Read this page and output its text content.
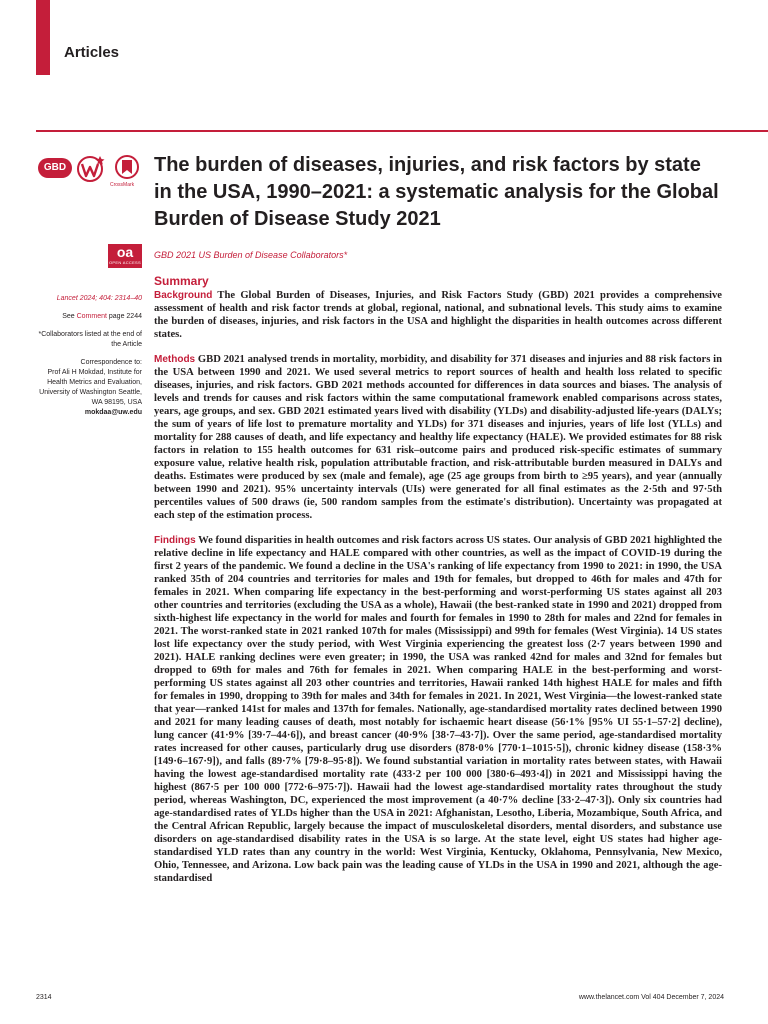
Articles
GBD
CrossMark
The burden of diseases, injuries, and risk factors by state in the USA, 1990–2021: a systematic analysis for the Global Burden of Disease Study 2021
oa
OPEN ACCESS
GBD 2021 US Burden of Disease Collaborators*
Lancet 2024; 404: 2314–40
See Comment page 2244
*Collaborators listed at the end of the Article
Correspondence to:
Prof Ali H Mokdad, Institute for Health Metrics and Evaluation, University of Washington Seattle, WA 98195, USA
mokdaa@uw.edu
Summary

Background The Global Burden of Diseases, Injuries, and Risk Factors Study (GBD) 2021 provides a comprehensive assessment of health and risk factor trends at global, regional, national, and subnational levels. This study aims to examine the burden of diseases, injuries, and risk factors in the USA and highlight the disparities in health outcomes across different states.

Methods GBD 2021 analysed trends in mortality, morbidity, and disability for 371 diseases and injuries and 88 risk factors in the USA between 1990 and 2021. We used several metrics to report sources of health and health loss related to specific diseases, injuries, and risk factors. GBD 2021 methods accounted for differences in data sources and biases. The analysis of levels and trends for causes and risk factors within the same computational framework enabled comparisons across states, years, age groups, and sex. GBD 2021 estimated years lived with disability (YLDs) and disability-adjusted life-years (DALYs; the sum of years of life lost to premature mortality and YLDs) for 371 diseases and injuries, years of life lost (YLLs) and mortality for 288 causes of death, and life expectancy and healthy life expectancy (HALE). We provided estimates for 88 risk factors in relation to 155 health outcomes for 631 risk–outcome pairs and produced risk-specific estimates of summary exposure value, relative health risk, population attributable fraction, and risk-attributable burden measured in DALYs and deaths. Estimates were produced by sex (male and female), age (25 age groups from birth to ≥95 years), and year (annually between 1990 and 2021). 95% uncertainty intervals (UIs) were generated for all final estimates as the 2·5th and 97·5th percentiles values of 500 draws (ie, 500 random samples from the estimate's distribution). Uncertainty was propagated at each step of the estimation process.

Findings We found disparities in health outcomes and risk factors across US states. Our analysis of GBD 2021 highlighted the relative decline in life expectancy and HALE compared with other countries, as well as the impact of COVID-19 during the first 2 years of the pandemic. We found a decline in the USA's ranking of life expectancy from 1990 to 2021: in 1990, the USA ranked 35th of 204 countries and territories for males and 19th for females, but dropped to 46th for males and 47th for females in 2021. When comparing life expectancy in the best-performing and worst-performing US states against all 203 other countries and territories (excluding the USA as a whole), Hawaii (the best-ranked state in 1990 and 2021) dropped from sixth-highest life expectancy in the world for males and fourth for females in 1990 to 28th for males and 22nd for females in 2021. The worst-ranked state in 2021 ranked 107th for males (Mississippi) and 99th for females (West Virginia). 14 US states lost life expectancy over the study period, with West Virginia experiencing the greatest loss (2·7 years between 1990 and 2021). HALE ranking declines were even greater; in 1990, the USA was ranked 42nd for males and 32nd for females but dropped to 69th for males and 76th for females in 2021. When comparing HALE in the best-performing and worst-performing US states against all 203 other countries and territories, Hawaii ranked 14th highest HALE for males and fifth for females in 1990, dropping to 39th for males and 34th for females in 2021. In 2021, West Virginia—the lowest-ranked state that year—ranked 141st for males and 137th for females. Nationally, age-standardised mortality rates declined between 1990 and 2021 for many leading causes of death, most notably for ischaemic heart disease (56·1% [95% UI 55·1–57·2] decline), lung cancer (41·9% [39·7–44·6]), and breast cancer (40·9% [38·7–43·7]). Over the same period, age-standardised mortality rates increased for other causes, particularly drug use disorders (878·0% [770·1–1015·5]), chronic kidney disease (158·3% [149·6–167·9]), and falls (89·7% [79·8–95·8]). We found substantial variation in mortality rates between states, with Hawaii having the lowest age-standardised mortality rate (433·2 per 100 000 [380·6–493·4]) in 2021 and Mississippi having the highest (867·5 per 100 000 [772·6–975·7]). Hawaii had the lowest age-standardised mortality rates throughout the study period, whereas Washington, DC, experienced the most improvement (a 40·7% decline [33·2–47·3]). Only six countries had age-standardised rates of YLDs higher than the USA in 2021: Afghanistan, Lesotho, Liberia, Mozambique, South Africa, and the Central African Republic, largely because the impact of musculoskeletal disorders, mental disorders, and substance use disorders on age-standardised disability rates in the USA is so large. At the state level, eight US states had higher age-standardised YLD rates than any country in the world: West Virginia, Kentucky, Oklahoma, Pennsylvania, New Mexico, Ohio, Tennessee, and Arizona. Low back pain was the leading cause of YLDs in the USA in 1990 and 2021, although the age-standardised

2314	www.thelancet.com Vol 404 December 7, 2024
